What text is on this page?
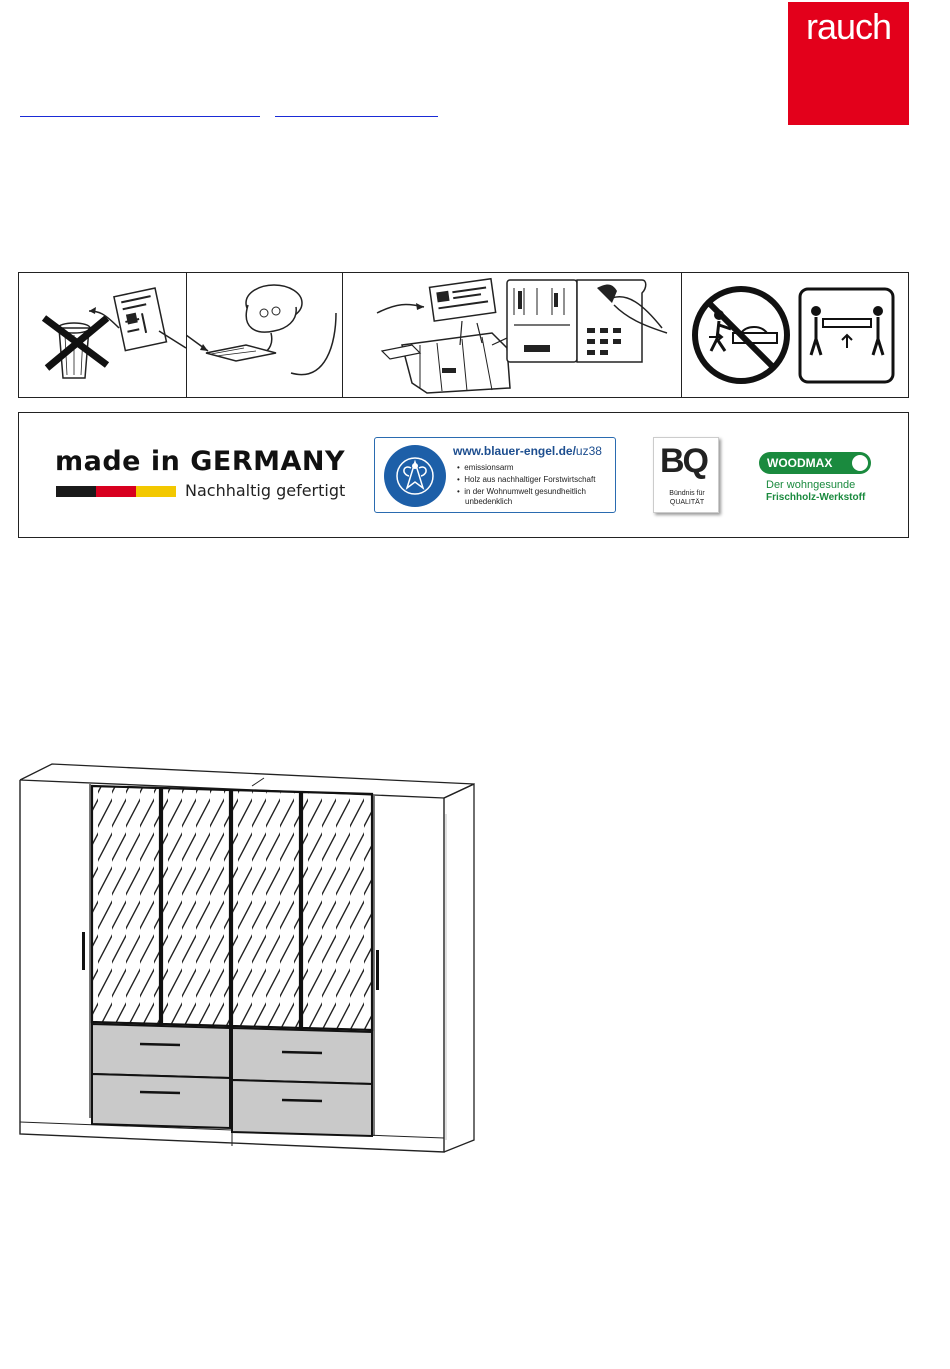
rauch
made in GERMANY
Nachhaltig gefertigt
www.blauer-engel.de/uz38
•  emissionsarm
•  Holz aus nachhaltiger Forstwirtschaft
•  in der Wohnumwelt gesundheitlich
unbedenklich
BQ
Bündnis für
QUALITÄT
WOODMAX
Der wohngesunde
Frischholz-Werkstoff
